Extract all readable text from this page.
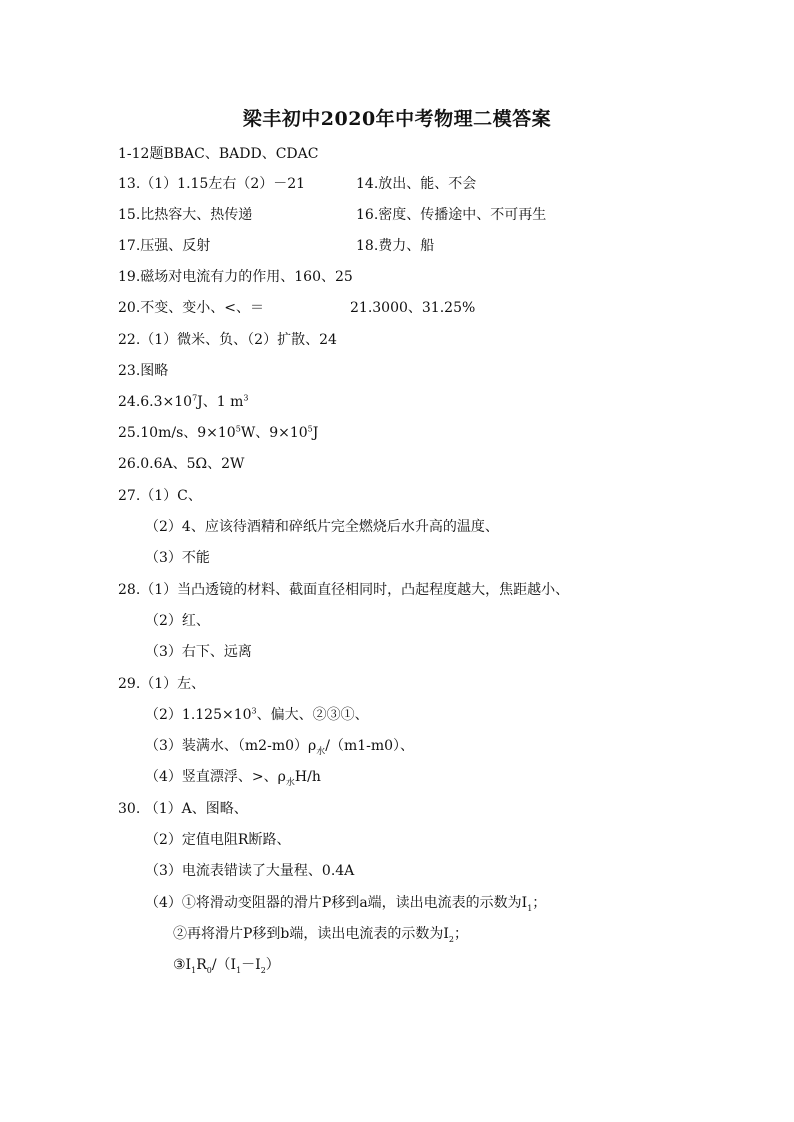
梁丰初中2020年中考物理二模答案
1-12题BBAC、BADD、CDAC
13.（1）1.15左右（2）－21	14.放出、能、不会
15.比热容大、热传递	16.密度、传播途中、不可再生
17.压强、反射	18.费力、船
19.磁场对电流有力的作用、160、25
20.不变、变小、<、＝	21.3000、31.25%
22.（1）微米、负、（2）扩散、24
23.图略
$24.6.3\times 10^7J$、1 $m^3$
25.10m/s、$9\times 10^5W$、$9\times 10^5J$
26.0.6A、5Ω、2W
27.（1）C、
（2）4、应该待酒精和碎纸片完全燃烧后水升高的温度、
（3）不能
28.（1）当凸透镜的材料、截面直径相同时，凸起程度越大，焦距越小、
（2）红、
（3）右下、远离
29.（1）左、
$(2)1.125\times 10^3$、偏大、②③①、
（3）装满水、$(m2-m0)\rho_水/(m1-m0)$、
（4）竖直漂浮、>、$\rho_水H/h$
30. （1）A、图略、
（2）定值电阻R断路、
（3）电流表错读了大量程、0.4A
（4）①将滑动变阻器的滑片P移到a端，读出电流表的示数为$I_1$；
②再将滑片P移到b端，读出电流表的示数为$I_2$；
$③I_1R_0/(I_1-I_2)$
